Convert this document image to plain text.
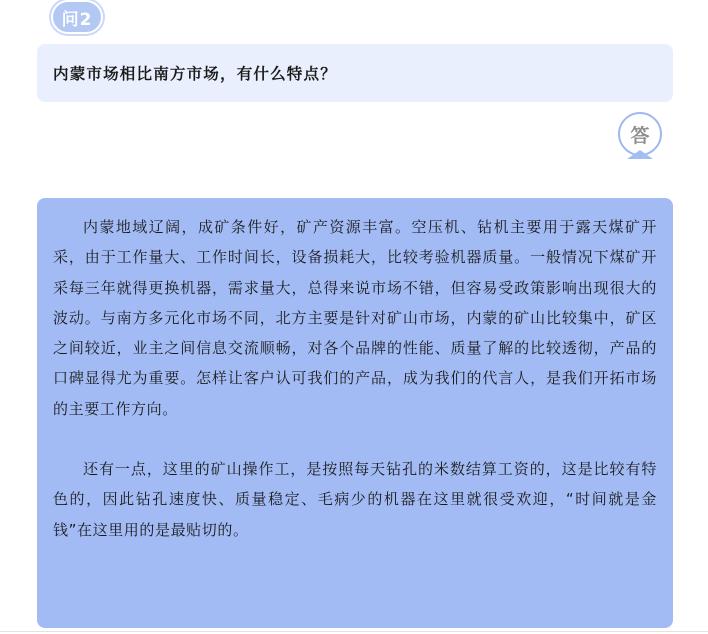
问2
内蒙市场相比南方市场，有什么特点？
答

内蒙地域辽阔，成矿条件好，矿产资源丰富。空压机、钻机主要用于露天煤矿开采，由于工作量大、工作时间长，设备损耗大，比较考验机器质量。一般情况下煤矿开采每三年就得更换机器，需求量大，总得来说市场不错，但容易受政策影响出现很大的波动。与南方多元化市场不同，北方主要是针对矿山市场，内蒙的矿山比较集中，矿区之间较近，业主之间信息交流顺畅，对各个品牌的性能、质量了解的比较透彻，产品的口碑显得尤为重要。怎样让客户认可我们的产品，成为我们的代言人，是我们开拓市场的主要工作方向。

还有一点，这里的矿山操作工，是按照每天钻孔的米数结算工资的，这是比较有特色的，因此钻孔速度快、质量稳定、毛病少的机器在这里就很受欢迎，“时间就是金钱”在这里用的是最贴切的。
